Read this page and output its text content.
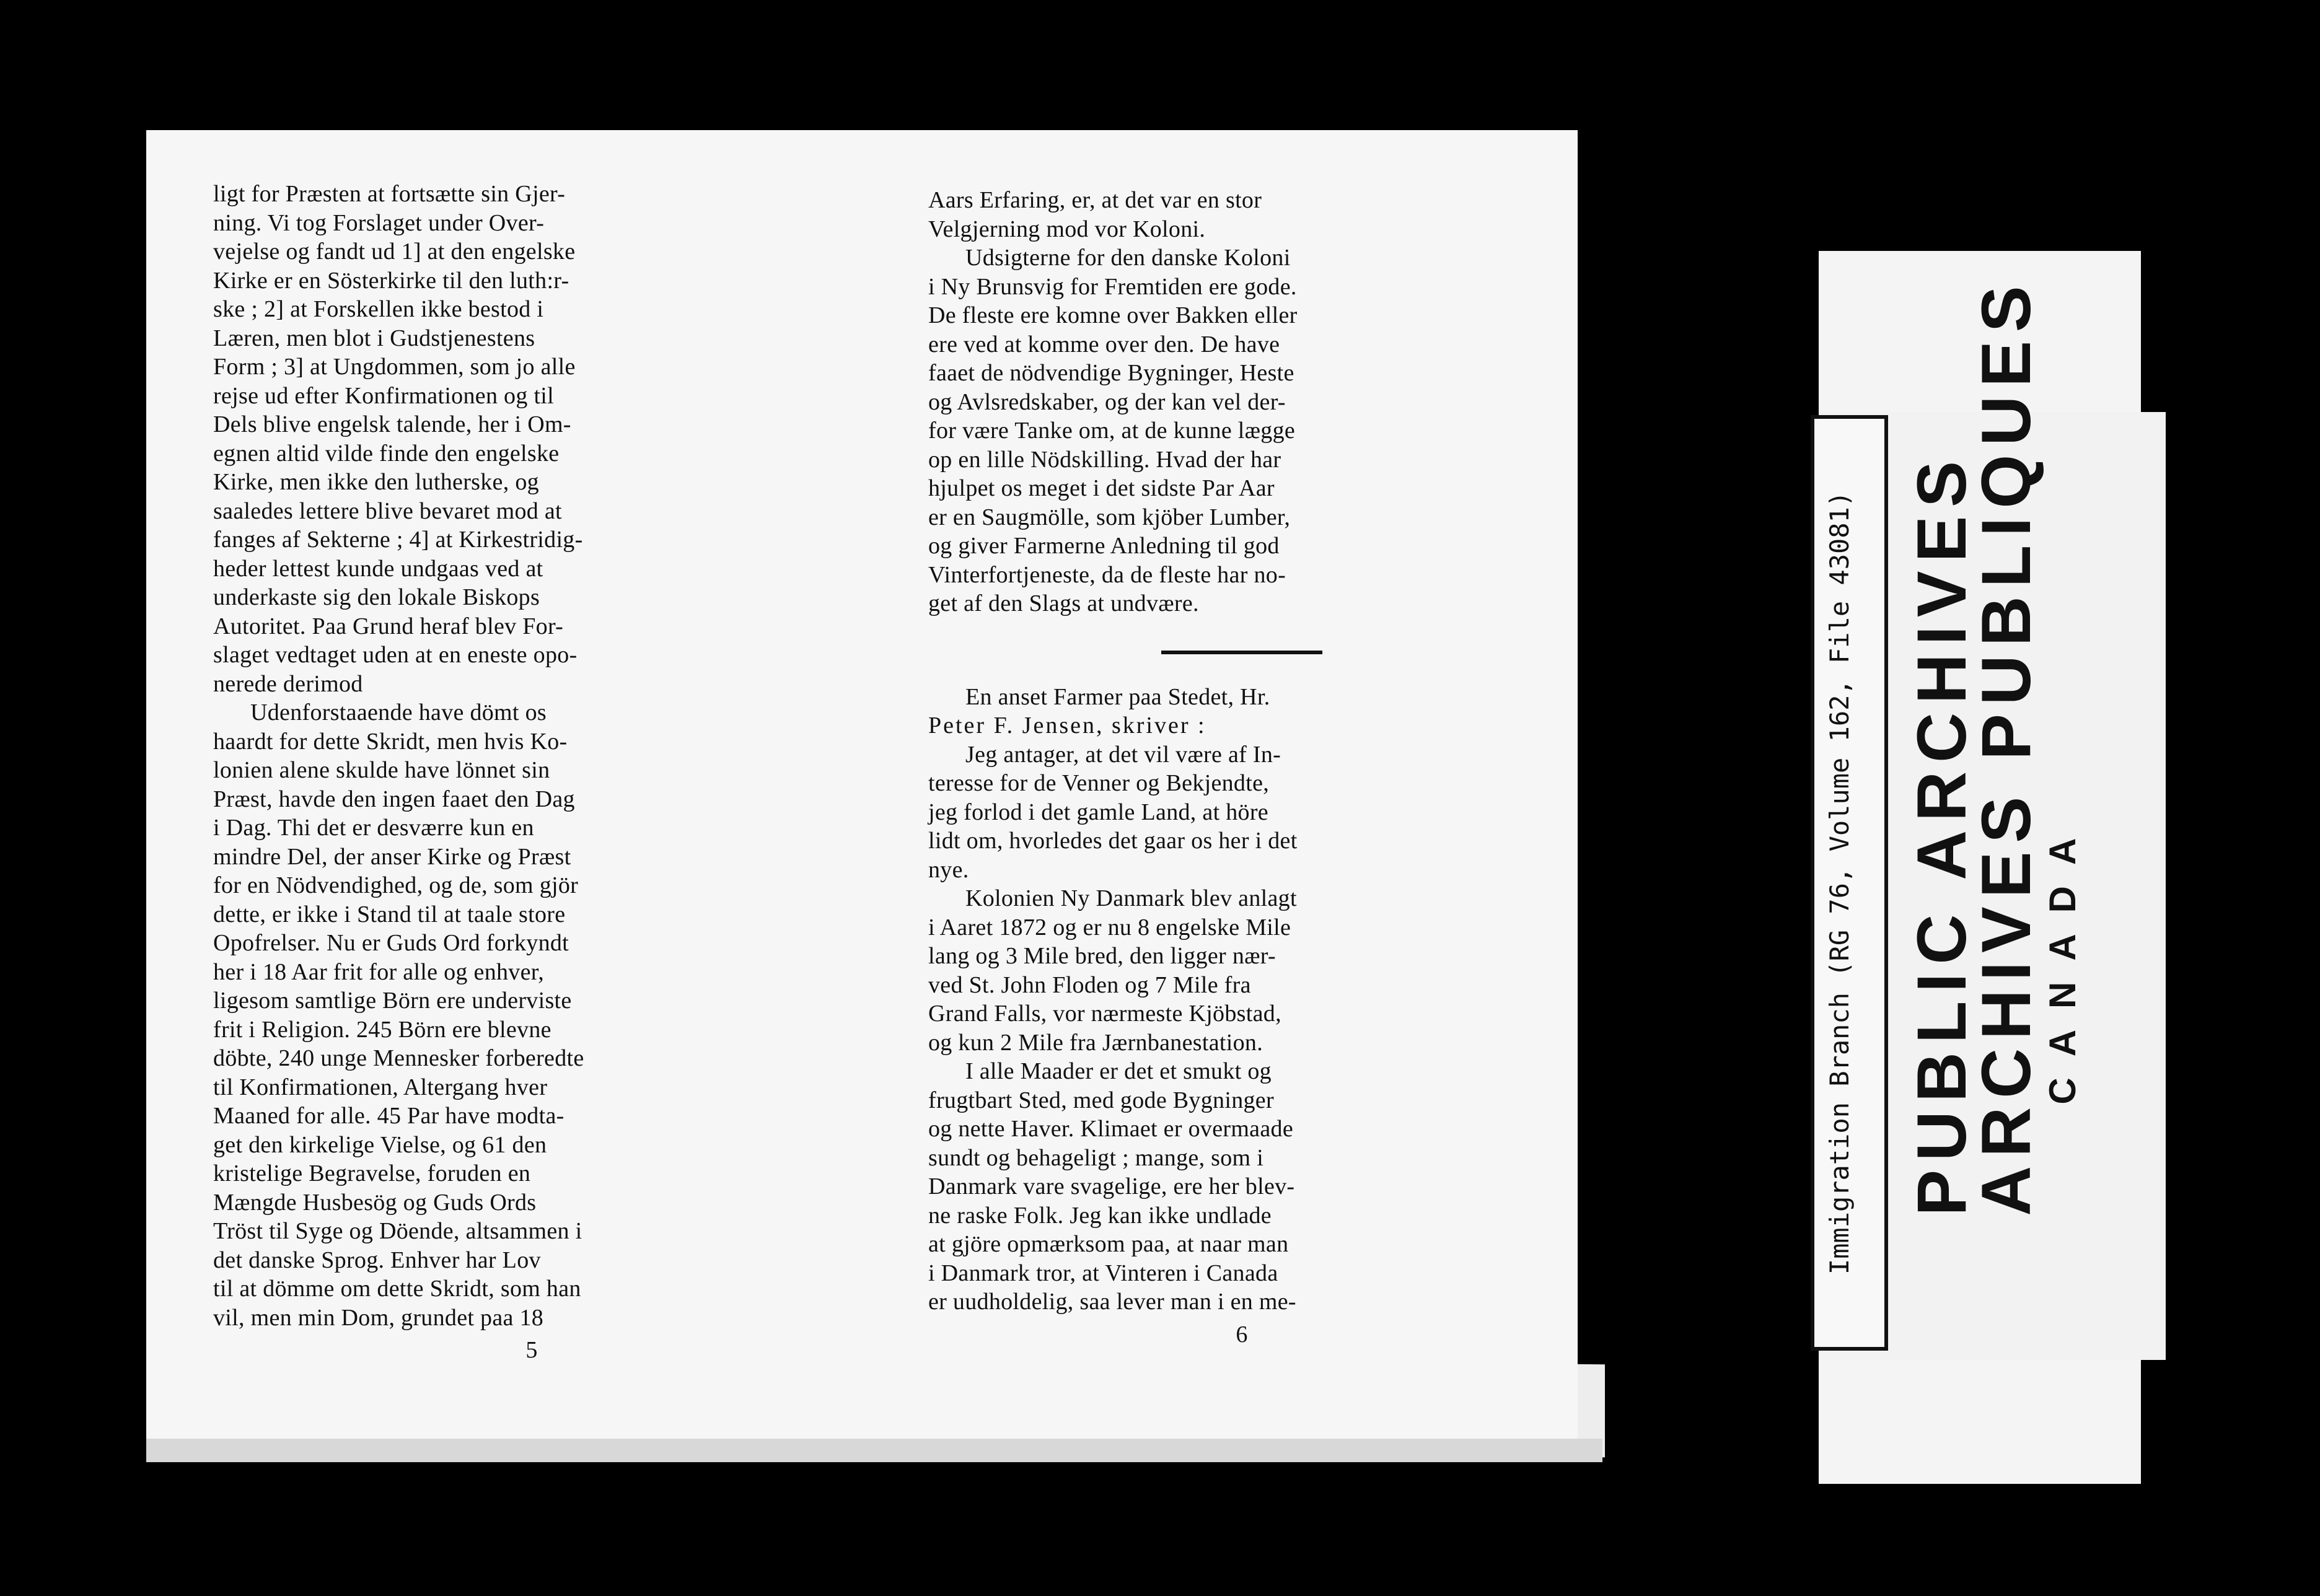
ligt for Præsten at fortsætte sin Gjer-

ning. Vi tog Forslaget under Over-

vejelse og fandt ud 1] at den engelske

Kirke er en Sösterkirke til den luth:r-

ske ; 2] at Forskellen ikke bestod i

Læren, men blot i Gudstjenestens

Form ; 3] at Ungdommen, som jo alle

rejse ud efter Konfirmationen og til

Dels blive engelsk talende, her i Om-

egnen altid vilde finde den engelske

Kirke, men ikke den lutherske, og

saaledes lettere blive bevaret mod at

fanges af Sekterne ; 4] at Kirkestridig-

heder lettest kunde undgaas ved at

underkaste sig den lokale Biskops

Autoritet. Paa Grund heraf blev For-

slaget vedtaget uden at en eneste opo-

nerede derimod

Udenforstaaende have dömt os

haardt for dette Skridt, men hvis Ko-

lonien alene skulde have lönnet sin

Præst, havde den ingen faaet den Dag

i Dag. Thi det er desværre kun en

mindre Del, der anser Kirke og Præst

for en Nödvendighed, og de, som gjör

dette, er ikke i Stand til at taale store

Opofrelser. Nu er Guds Ord forkyndt

her i 18 Aar frit for alle og enhver,

ligesom samtlige Börn ere underviste

frit i Religion. 245 Börn ere blevne

döbte, 240 unge Mennesker forberedte

til Konfirmationen, Altergang hver

Maaned for alle. 45 Par have modta-

get den kirkelige Vielse, og 61 den

kristelige Begravelse, foruden en

Mængde Husbesög og Guds Ords

Tröst til Syge og Döende, altsammen i

det danske Sprog. Enhver har Lov

til at dömme om dette Skridt, som han

vil, men min Dom, grundet paa 18

5

Aars Erfaring, er, at det var en stor

Velgjerning mod vor Koloni.

Udsigterne for den danske Koloni

i Ny Brunsvig for Fremtiden ere gode.

De fleste ere komne over Bakken eller

ere ved at komme over den. De have

faaet de nödvendige Bygninger, Heste

og Avlsredskaber, og der kan vel der-

for være Tanke om, at de kunne lægge

op en lille Nödskilling. Hvad der har

hjulpet os meget i det sidste Par Aar

er en Saugmölle, som kjöber Lumber,

og giver Farmerne Anledning til god

Vinterfortjeneste, da de fleste har no-

get af den Slags at undvære.

En anset Farmer paa Stedet, Hr.

Peter F. Jensen, skriver :

Jeg antager, at det vil være af In-

teresse for de Venner og Bekjendte,

jeg forlod i det gamle Land, at höre

lidt om, hvorledes det gaar os her i det

nye.

Kolonien Ny Danmark blev anlagt

i Aaret 1872 og er nu 8 engelske Mile

lang og 3 Mile bred, den ligger nær-

ved St. John Floden og 7 Mile fra

Grand Falls, vor nærmeste Kjöbstad,

og kun 2 Mile fra Jærnbanestation.

I alle Maader er det et smukt og

frugtbart Sted, med gode Bygninger

og nette Haver. Klimaet er overmaade

sundt og behageligt ; mange, som i

Danmark vare svagelige, ere her blev-

ne raske Folk. Jeg kan ikke undlade

at gjöre opmærksom paa, at naar man

i Danmark tror, at Vinteren i Canada

er uudholdelig, saa lever man i en me-

6
Immigration Branch (RG 76, Volume 162, File 43081) PUBLIC ARCHIVES
ARCHIVES PUBLIQUES
CANADA
